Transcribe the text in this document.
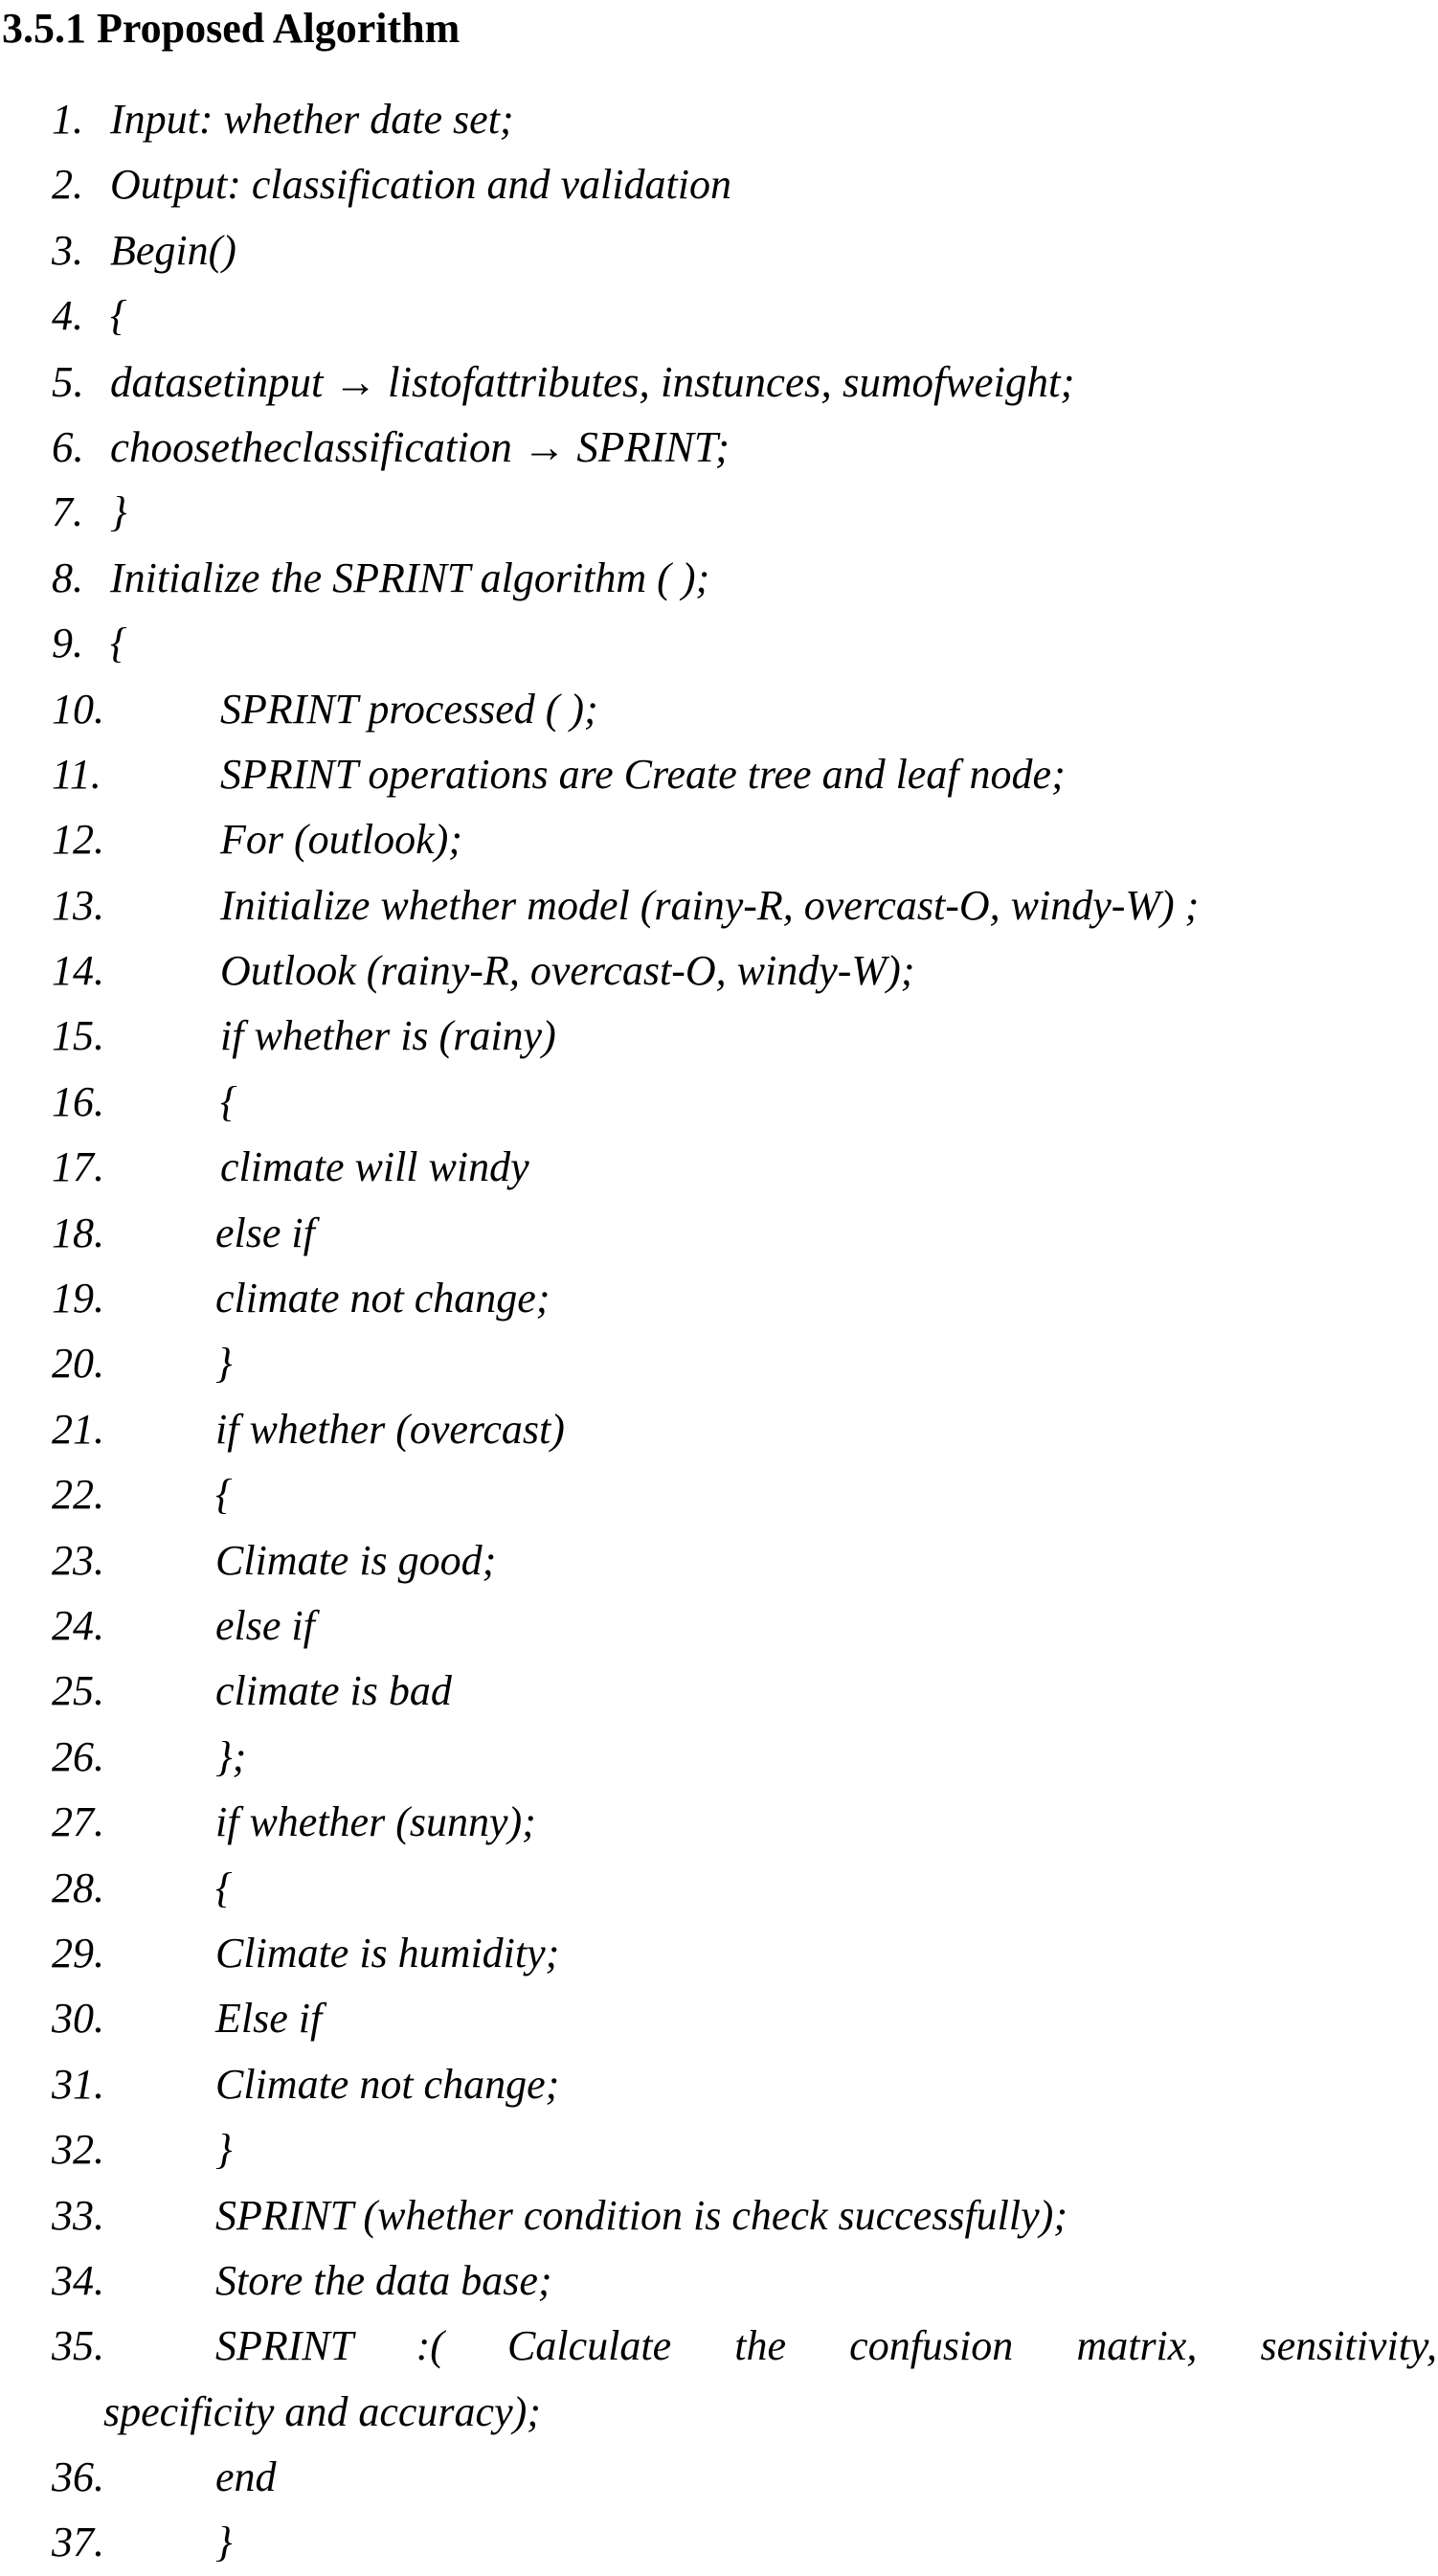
3.5.1 Proposed Algorithm
1. Input: whether date set;
2. Output: classification and validation
3. Begin()
4. {
5. datasetinput → listofattributes, instunces, sumofweight;
6. choosetheclassification → SPRINT;
7. }
8. Initialize the SPRINT algorithm ( );
9. {
10.	SPRINT processed ( );
11.	SPRINT operations are Create tree and leaf node;
12.	For (outlook);
13.	Initialize whether model (rainy-R, overcast-O, windy-W) ;
14.	Outlook (rainy-R, overcast-O, windy-W);
15.	if whether is (rainy)
16.	{
17.	climate will windy
18.	else if
19.	climate not change;
20.	}
21.	if whether (overcast)
22.	{
23.	Climate is good;
24.	else if
25.	climate is bad
26.	};
27.	if whether (sunny);
28.	{
29.	Climate is humidity;
30.	Else if
31.	Climate not change;
32.	}
33.	SPRINT (whether condition is check successfully);
34.	Store the data base;
35.	SPRINT :( Calculate the confusion matrix, sensitivity,
specificity and accuracy);
36.	end
37.	}
